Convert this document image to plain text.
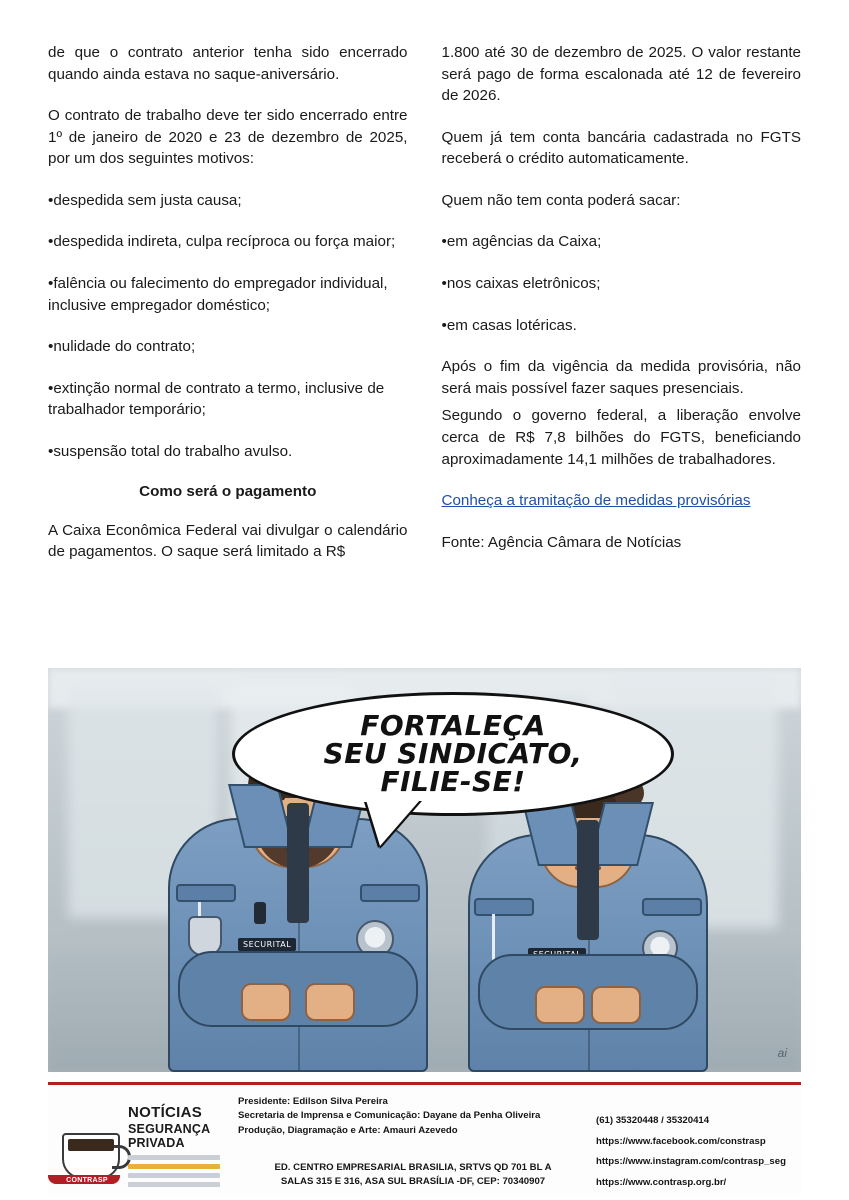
de que o contrato anterior tenha sido encerrado quando ainda estava no saque-aniversário.

O contrato de trabalho deve ter sido encerrado entre 1º de janeiro de 2020 e 23 de dezembro de 2025, por um dos seguintes motivos:

•despedida sem justa causa;

•despedida indireta, culpa recíproca ou força maior;

•falência ou falecimento do empregador individual, inclusive empregador doméstico;

•nulidade do contrato;

•extinção normal de contrato a termo, inclusive de trabalhador temporário;

•suspensão total do trabalho avulso.

Como será o pagamento

A Caixa Econômica Federal vai divulgar o calendário de pagamentos. O saque será limitado a R$

1.800 até 30 de dezembro de 2025. O valor restante será pago de forma escalonada até 12 de fevereiro de 2026.

Quem já tem conta bancária cadastrada no FGTS receberá o crédito automaticamente.

Quem não tem conta poderá sacar:

•em agências da Caixa;

•nos caixas eletrônicos;

•em casas lotéricas.

Após o fim da vigência da medida provisória, não será mais possível fazer saques presenciais.

Segundo o governo federal, a liberação envolve cerca de R$ 7,8 bilhões do FGTS, beneficiando aproximadamente 14,1 milhões de trabalhadores.

Conheça a tramitação de medidas provisórias

Fonte: Agência Câmara de Notícias

FORTALEÇA
SEU SINDICATO,
FILIE-SE!
SECURITAL
ai
CONTRASP
NOTÍCIAS
SEGURANÇA
PRIVADA
Presidente: Edilson Silva Pereira
Secretaria de Imprensa e Comunicação: Dayane da Penha Oliveira
Produção, Diagramação e Arte: Amauri Azevedo
ED. CENTRO EMPRESARIAL BRASILIA, SRTVS QD 701 BL A
SALAS 315 E 316, ASA SUL BRASÍLIA -DF, CEP: 70340907
(61) 35320448 / 35320414
https://www.facebook.com/constrasp
https://www.instagram.com/contrasp_seg
https://www.contrasp.org.br/
